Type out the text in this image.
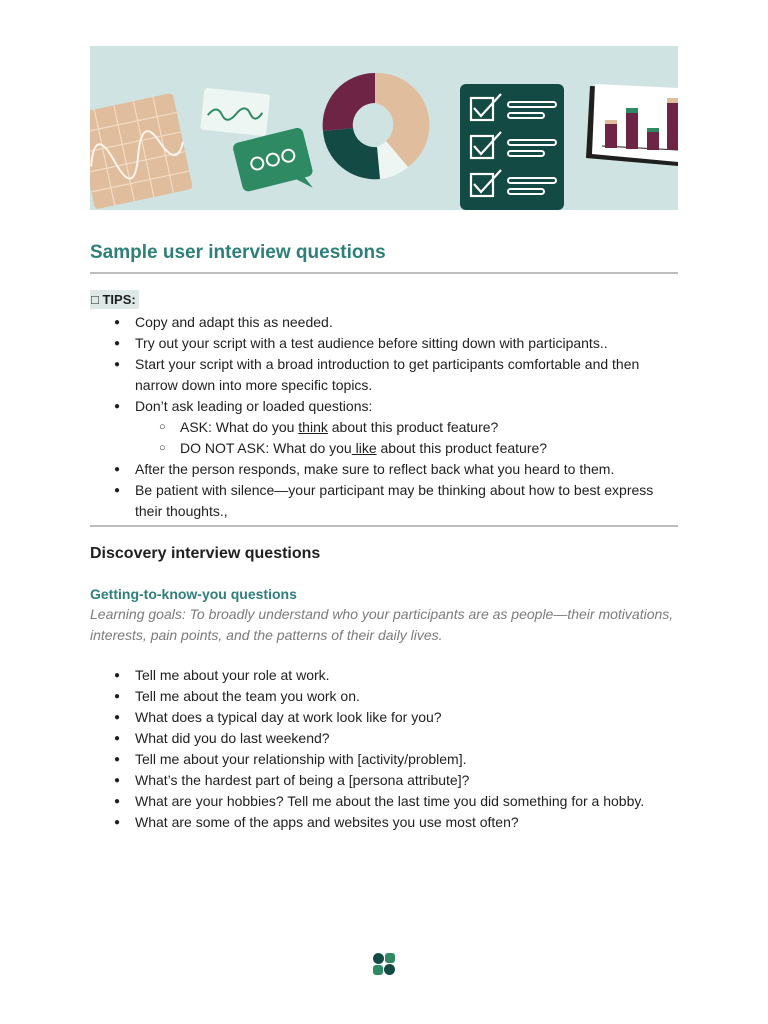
Sample user interview questions
□ TIPS:
● Copy and adapt this as needed.
● Try out your script with a test audience before sitting down with participants..
● Start your script with a broad introduction to get participants comfortable and then narrow down into more specific topics.
● Don’t ask leading or loaded questions:
○ ASK: What do you think about this product feature?
○ DO NOT ASK: What do you like about this product feature?
● After the person responds, make sure to reflect back what you heard to them.
● Be patient with silence—your participant may be thinking about how to best express their thoughts.,
Discovery interview questions
Getting-to-know-you questions
Learning goals: To broadly understand who your participants are as people—their motivations, interests, pain points, and the patterns of their daily lives.
● Tell me about your role at work.
● Tell me about the team you work on.
● What does a typical day at work look like for you?
● What did you do last weekend?
● Tell me about your relationship with [activity/problem].
● What’s the hardest part of being a [persona attribute]?
● What are your hobbies? Tell me about the last time you did something for a hobby.
● What are some of the apps and websites you use most often?
